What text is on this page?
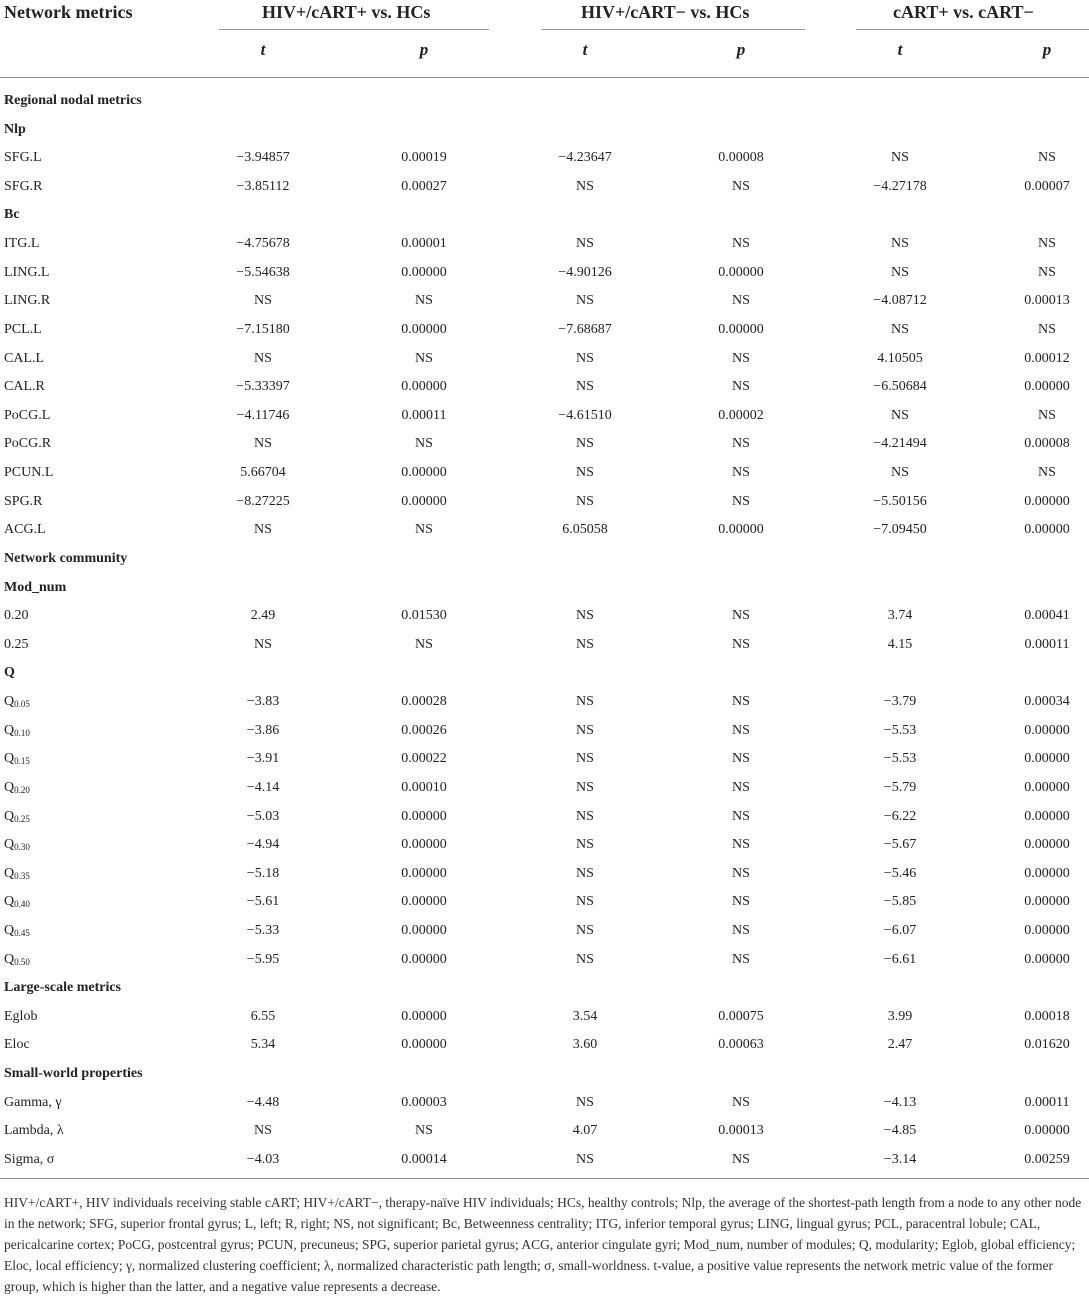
Network metrics	HIV+/cART+ vs. HCs	HIV+/cART− vs. HCs	cART+ vs. cART−
t	p	t	p	t	p
Regional nodal metrics
Nlp
SFG.L	−3.94857	0.00019	−4.23647	0.00008	NS	NS
SFG.R	−3.85112	0.00027	NS	NS	−4.27178	0.00007
Bc
ITG.L	−4.75678	0.00001	NS	NS	NS	NS
LING.L	−5.54638	0.00000	−4.90126	0.00000	NS	NS
LING.R	NS	NS	NS	NS	−4.08712	0.00013
PCL.L	−7.15180	0.00000	−7.68687	0.00000	NS	NS
CAL.L	NS	NS	NS	NS	4.10505	0.00012
CAL.R	−5.33397	0.00000	NS	NS	−6.50684	0.00000
PoCG.L	−4.11746	0.00011	−4.61510	0.00002	NS	NS
PoCG.R	NS	NS	NS	NS	−4.21494	0.00008
PCUN.L	5.66704	0.00000	NS	NS	NS	NS
SPG.R	−8.27225	0.00000	NS	NS	−5.50156	0.00000
ACG.L	NS	NS	6.05058	0.00000	−7.09450	0.00000
Network community
Mod_num
0.20	2.49	0.01530	NS	NS	3.74	0.00041
0.25	NS	NS	NS	NS	4.15	0.00011
Q
$Q_{0.05}$	−3.83	0.00028	NS	NS	−3.79	0.00034
$Q_{0.10}$	−3.86	0.00026	NS	NS	−5.53	0.00000
$Q_{0.15}$	−3.91	0.00022	NS	NS	−5.53	0.00000
$Q_{0.20}$	−4.14	0.00010	NS	NS	−5.79	0.00000
$Q_{0.25}$	−5.03	0.00000	NS	NS	−6.22	0.00000
$Q_{0.30}$	−4.94	0.00000	NS	NS	−5.67	0.00000
$Q_{0.35}$	−5.18	0.00000	NS	NS	−5.46	0.00000
$Q_{0.40}$	−5.61	0.00000	NS	NS	−5.85	0.00000
$Q_{0.45}$	−5.33	0.00000	NS	NS	−6.07	0.00000
$Q_{0.50}$	−5.95	0.00000	NS	NS	−6.61	0.00000
Large-scale metrics
Eglob	6.55	0.00000	3.54	0.00075	3.99	0.00018
Eloc	5.34	0.00000	3.60	0.00063	2.47	0.01620
Small-world properties
Gamma, γ	−4.48	0.00003	NS	NS	−4.13	0.00011
Lambda, λ	NS	NS	4.07	0.00013	−4.85	0.00000
Sigma, σ	−4.03	0.00014	NS	NS	−3.14	0.00259
HIV+/cART+, HIV individuals receiving stable cART; HIV+/cART−, therapy-naïve HIV individuals; HCs, healthy controls; Nlp, the average of the shortest-path length from a node to any other node in the network; SFG, superior frontal gyrus; L, left; R, right; NS, not significant; Bc, Betweenness centrality; ITG, inferior temporal gyrus; LING, lingual gyrus; PCL, paracentral lobule; CAL, pericalcarine cortex; PoCG, postcentral gyrus; PCUN, precuneus; SPG, superior parietal gyrus; ACG, anterior cingulate gyri; Mod_num, number of modules; Q, modularity; Eglob, global efficiency; Eloc, local efficiency; γ, normalized clustering coefficient; λ, normalized characteristic path length; σ, small-worldness. t-value, a positive value represents the network metric value of the former group, which is higher than the latter, and a negative value represents a decrease.
